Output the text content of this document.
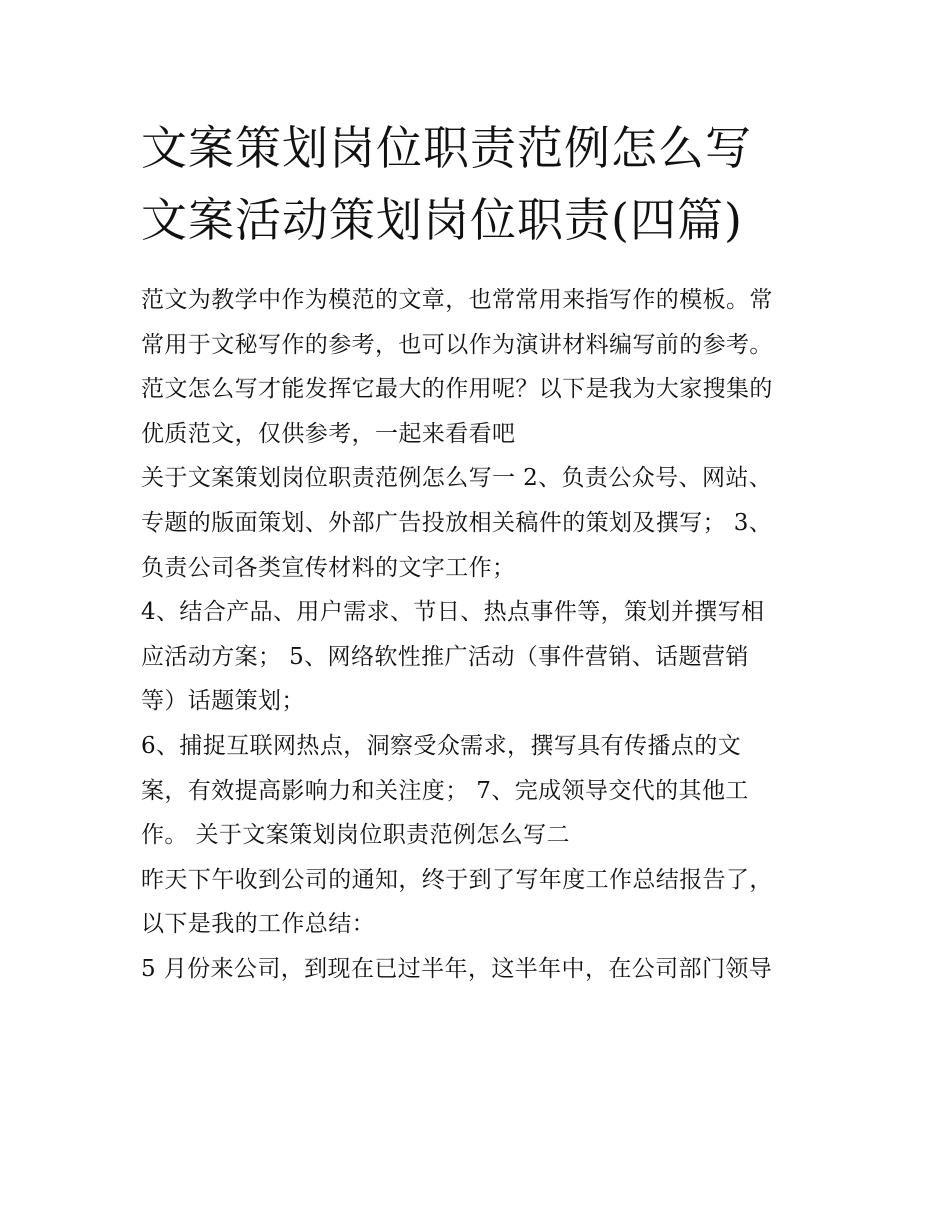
文案策划岗位职责范例怎么写
文案活动策划岗位职责(四篇)

范文为教学中作为模范的文章，也常常用来指写作的模板。常
常用于文秘写作的参考，也可以作为演讲材料编写前的参考。
范文怎么写才能发挥它最大的作用呢？以下是我为大家搜集的
优质范文，仅供参考，一起来看看吧

关于文案策划岗位职责范例怎么写一 2、负责公众号、网站、
专题的版面策划、外部广告投放相关稿件的策划及撰写； 3、
负责公司各类宣传材料的文字工作；

4、结合产品、用户需求、节日、热点事件等，策划并撰写相
应活动方案； 5、网络软性推广活动（事件营销、话题营销
等）话题策划；

6、捕捉互联网热点，洞察受众需求，撰写具有传播点的文
案，有效提高影响力和关注度； 7、完成领导交代的其他工
作。 关于文案策划岗位职责范例怎么写二

昨天下午收到公司的通知，终于到了写年度工作总结报告了，
以下是我的工作总结：

5 月份来公司，到现在已过半年，这半年中，在公司部门领导
